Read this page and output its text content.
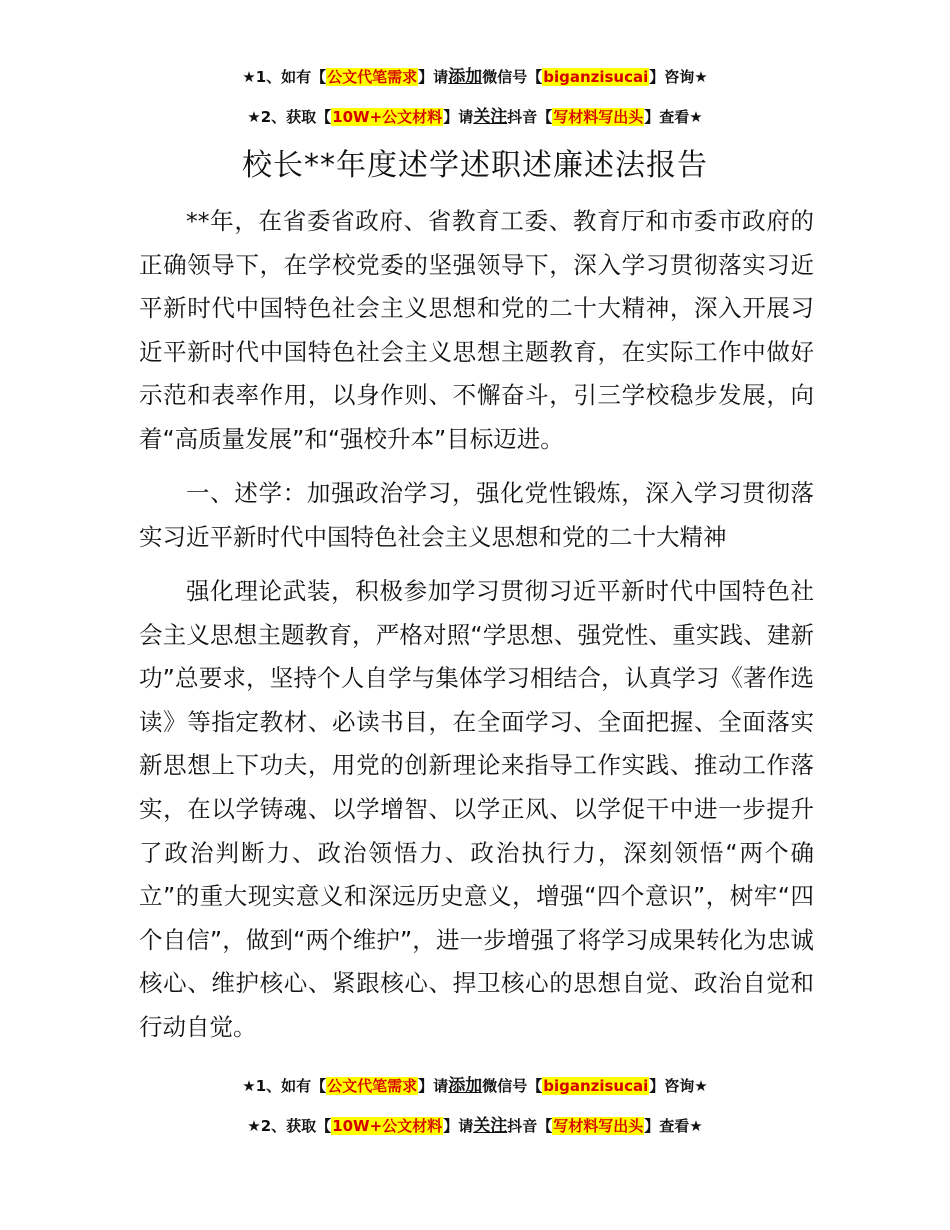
★1、如有【公文代笔需求】请添加微信号【biganzisucai】咨询★
★2、获取【10W+公文材料】请关注抖音【写材料写出头】查看★
校长**年度述学述职述廉述法报告

**年，在省委省政府、省教育工委、教育厅和市委市政府的正确领导下，在学校党委的坚强领导下，深入学习贯彻落实习近平新时代中国特色社会主义思想和党的二十大精神，深入开展习近平新时代中国特色社会主义思想主题教育，在实际工作中做好示范和表率作用，以身作则、不懈奋斗，引三学校稳步发展，向着“高质量发展”和“强校升本”目标迈进。

一、述学：加强政治学习，强化党性锻炼，深入学习贯彻落实习近平新时代中国特色社会主义思想和党的二十大精神

强化理论武装，积极参加学习贯彻习近平新时代中国特色社会主义思想主题教育，严格对照“学思想、强党性、重实践、建新功”总要求，坚持个人自学与集体学习相结合，认真学习《著作选读》等指定教材、必读书目，在全面学习、全面把握、全面落实新思想上下功夫，用党的创新理论来指导工作实践、推动工作落实，在以学铸魂、以学增智、以学正风、以学促干中进一步提升了政治判断力、政治领悟力、政治执行力，深刻领悟“两个确立”的重大现实意义和深远历史意义，增强“四个意识”，树牢“四个自信”，做到“两个维护”，进一步增强了将学习成果转化为忠诚核心、维护核心、紧跟核心、捍卫核心的思想自觉、政治自觉和行动自觉。

★1、如有【公文代笔需求】请添加微信号【biganzisucai】咨询★
★2、获取【10W+公文材料】请关注抖音【写材料写出头】查看★
